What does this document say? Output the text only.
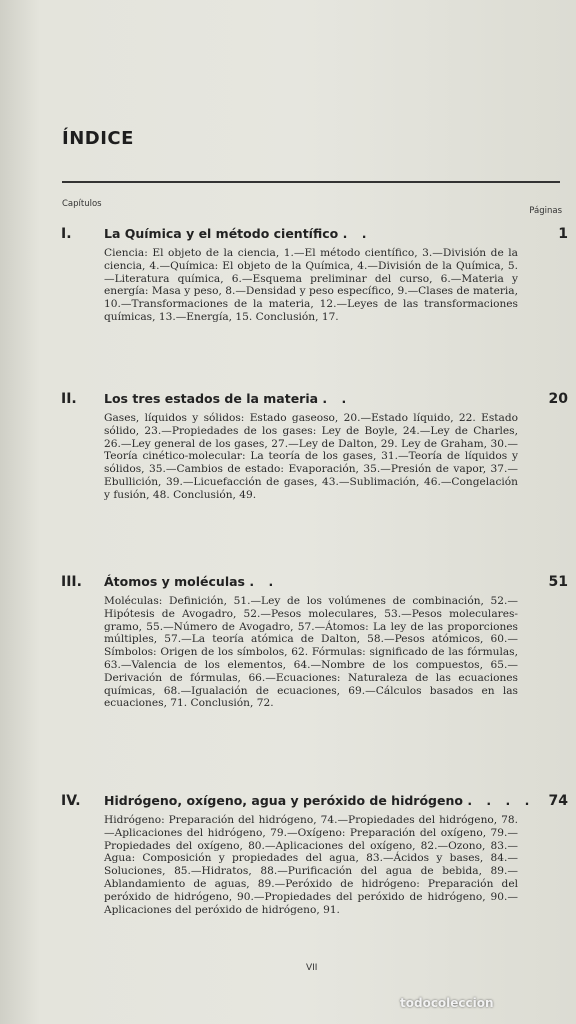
ÍNDICE
Capítulos
Páginas
I.	La Química y el método científico . .	1
Ciencia: El objeto de la ciencia, 1.—El método científico, 3.—División de la ciencia, 4.—Química: El objeto de la Química, 4.—División de la Química, 5.—Literatura química, 6.—Esquema preliminar del curso, 6.—Materia y energía: Masa y peso, 8.—Densidad y peso específico, 9.—Clases de materia, 10.—Transformaciones de la materia, 12.—Leyes de las transformaciones químicas, 13.—Energía, 15. Conclusión, 17.
II. Los tres estados de la materia . .	20
Gases, líquidos y sólidos: Estado gaseoso, 20.—Estado líquido, 22. Estado sólido, 23.—Propiedades de los gases: Ley de Boyle, 24.—Ley de Charles, 26.—Ley general de los gases, 27.—Ley de Dalton, 29. Ley de Graham, 30.—Teoría cinético-molecular: La teoría de los gases, 31.—Teoría de líquidos y sólidos, 35.—Cambios de estado: Evaporación, 35.—Presión de vapor, 37.—Ebullición, 39.—Licuefacción de gases, 43.—Sublimación, 46.—Congelación y fusión, 48. Conclusión, 49.
III. Átomos y moléculas . .	51
Moléculas: Definición, 51.—Ley de los volúmenes de combinación, 52.—Hipótesis de Avogadro, 52.—Pesos moleculares, 53.—Pesos moleculares-gramo, 55.—Número de Avogadro, 57.—Átomos: La ley de las proporciones múltiples, 57.—La teoría atómica de Dalton, 58.—Pesos atómicos, 60.—Símbolos: Origen de los símbolos, 62. Fórmulas: significado de las fórmulas, 63.—Valencia de los elementos, 64.—Nombre de los compuestos, 65.—Derivación de fórmulas, 66.—Ecuaciones: Naturaleza de las ecuaciones químicas, 68.—Igualación de ecuaciones, 69.—Cálculos basados en las ecuaciones, 71. Conclusión, 72.
IV. Hidrógeno, oxígeno, agua y peróxido de hidrógeno . . . . 74
Hidrógeno: Preparación del hidrógeno, 74.—Propiedades del hidrógeno, 78.—Aplicaciones del hidrógeno, 79.—Oxígeno: Preparación del oxígeno, 79.—Propiedades del oxígeno, 80.—Aplicaciones del oxígeno, 82.—Ozono, 83.—Agua: Composición y propiedades del agua, 83.—Ácidos y bases, 84.—Soluciones, 85.—Hidratos, 88.—Purificación del agua de bebida, 89.—Ablandamiento de aguas, 89.—Peróxido de hidrógeno: Preparación del peróxido de hidrógeno, 90.—Propiedades del peróxido de hidrógeno, 90.—Aplicaciones del peróxido de hidrógeno, 91.
VII
todocoleccion
